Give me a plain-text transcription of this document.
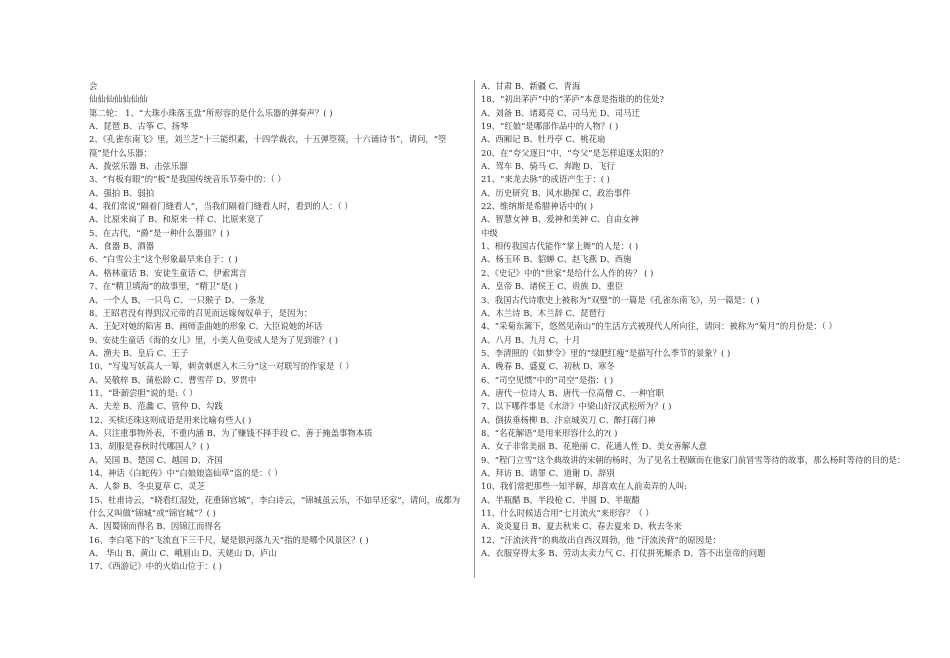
会
仙仙仙仙仙仙仙
第二轮： 1、“大珠小珠落玉盘”所形容的是什么乐器的弹奏声？( )
A、琵琶 B、古筝 C、扬琴
2、《孔雀东南飞》里，刘兰芝“十三能织素，十四学裁衣，十五弹箜篌，十六诵诗书”，请问，“箜篌”是什么乐器：
A、拨弦乐器 B、击弦乐器
3、“有板有眼”的“板”是我国传统音乐节奏中的：（ ）
A、强拍 B、弱拍
4、我们常说“隔着门缝看人”，当我们隔着门缝看人时，看到的人：（ ）
A、比原来扁了 B、和原来一样 C、比原来宽了
5、在古代，“爵”是一种什么器皿？( )
A、食器 B、酒器
6、“白雪公主”这个形象最早来自于：( )
A、格林童话 B、安徒生童话 C、伊索寓言
7、在“精卫填海”的故事里，“精卫”是( )
A、一个人 B、一只鸟 C、一只猴子 D、一条龙
8、王昭君没有得到汉元帝的召见而远嫁匈奴单于，是因为：
A、王妃对她的陷害 B、画师歪曲她的形象 C、大臣说她的坏话
9、安徒生童话《海的女儿》里，小美人鱼变成人是为了见到谁？( )
A、渔夫 B、皇后 C、王子
10、“写鬼写妖高人一筹，刺贪刺虐入木三分”这一对联写的作家是（ ）
A、吴敬梓 B、蒲松龄 C、曹雪芹 D、罗贯中
11、“卧薪尝胆”说的是:（ ）
A、夫差 B、范蠡 C、管仲 D、勾践
12、买椟还珠这则成语是用来比喻有些人( )
A、只注重事物外表，不重内涵 B、为了赚钱不择手段 C、善于掩盖事物本质
13、胡服是春秋时代哪国人？( )
A、吴国 B、楚国 C、越国 D、齐国
14、神话《白蛇传》中“白娘娘盗仙草”盗的是：（ ）
A、人参 B、冬虫夏草 C、灵芝
15、杜甫诗云，“晓看红湿处，花重锦官城”，李白诗云，“锦城虽云乐，不如早还家”，请问，成都为什么又叫做“锦城”或“锦官城”？( )
A、因蜀锦而得名 B、因锦江而得名
16、李白笔下的“飞流直下三千尺，疑是银河落九天”指的是哪个风景区？( )
A、 华山 B、黄山 C、峨眉山 D、天姥山 D、庐山
17、《西游记》中的火焰山位于：( )
A、甘肃 B、新疆 C、青海
18、“初出茅庐”中的“茅庐”本意是指谁的的住处?
A、刘备 B、诸葛亮 C、司马光 D、司马迁
19、“红娘”是哪部作品中的人物？( )
A、西厢记 B、牡丹亭 C、桃花扇
20、在“夸父逐日”中，“夸父”是怎样追逐太阳的？
A、驾车 B、骑马 C、奔跑 D、飞行
21、“来龙去脉”的成语产生于：( )
A、历史研究 B、风水勘探 C、政治事件
22、维纳斯是希腊神话中的( )
A、智慧女神 B、爱神和美神 C、自由女神
中级
1、相传我国古代能作“掌上舞”的人是：( )
A、杨玉环 B、貂蝉 C、赵飞燕 D、西施
2、《史记》中的“世家”是给什么人作的传？ ( )
A、皇帝 B、诸侯王 C、贵族 D、重臣
3、我国古代诗歌史上被称为“双璧”的一篇是《孔雀东南飞》，另一篇是：( )
A、木兰诗 B、木兰辞 C、琵琶行
4、“采菊东篱下，悠然见南山”的生活方式被现代人所向往，请问：被称为“菊月”的月份是：（ ）
A、八月 B、九月 C、十月
5、李清照的《如梦令》里的“绿肥红瘦”是描写什么季节的景象？( )
A、晚春 B、盛夏 C、初秋 D、寒冬
6、“司空见惯”中的“司空”是指：( )
A、唐代一位诗人 B、唐代一位高僧 C、一种官职
7、以下哪件事是《水浒》中梁山好汉武松所为？( )
A、倒拔垂杨柳 B、汴京城卖刀 C、醉打蒋门神
8、“名花解语”是用来形容什么的?( )
A、女子非常美丽 B、花艳丽 C、花通人性 D、美女善解人意
9、“程门立雪”这个典故讲的宋朝的杨时，为了见名士程颐而在他家门前冒雪等待的故事，那么杨时等待的目的是：
A、拜访 B、请罪 C、道谢 D、辞别
10、我们常把那些一知半解，却喜欢在人前卖弄的人叫:
A、半瓶醋 B、半段枪 C、半圆 D、半瓶醋
11、什么时候适合用“七月流火”来形容？（ ）
A、炎炎夏日 B、夏去秋来 C、春去夏来 D、秋去冬来
12、“汗流浃背”的典故出自西汉周勃，他 “汗流浃背”的原因是：
A、衣服穿得太多 B、劳动太卖力气 C、打仗拼死厮杀 D、答不出皇帝的问题
